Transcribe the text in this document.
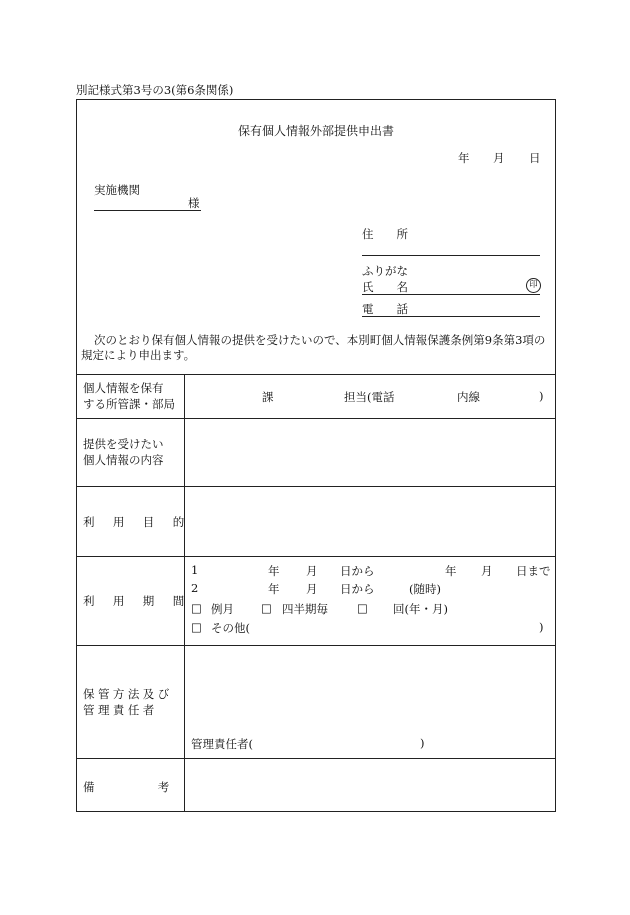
別記様式第3号の3(第6条関係)
保有個人情報外部提供申出書
年 月 日
実施機関
様
住　　所
ふりがな
氏　　名	印
電　　話
次のとおり保有個人情報の提供を受けたいので、本別町個人情報保護条例第9条第3項の
規定により申出ます。
個人情報を保有
する所管課・部局	課	担当(電話	内線	)
提供を受けたい
個人情報の内容
利　用　目　的
利　用　期　間
1	年 月 日から	年 月 日まで
2	年 月 日から	(随時)
□ 例月 □ 四半期毎	□ 回(年・月)
□ その他(	)
保管方法及び
管理責任者
管理責任者(	)
備　　　　考
